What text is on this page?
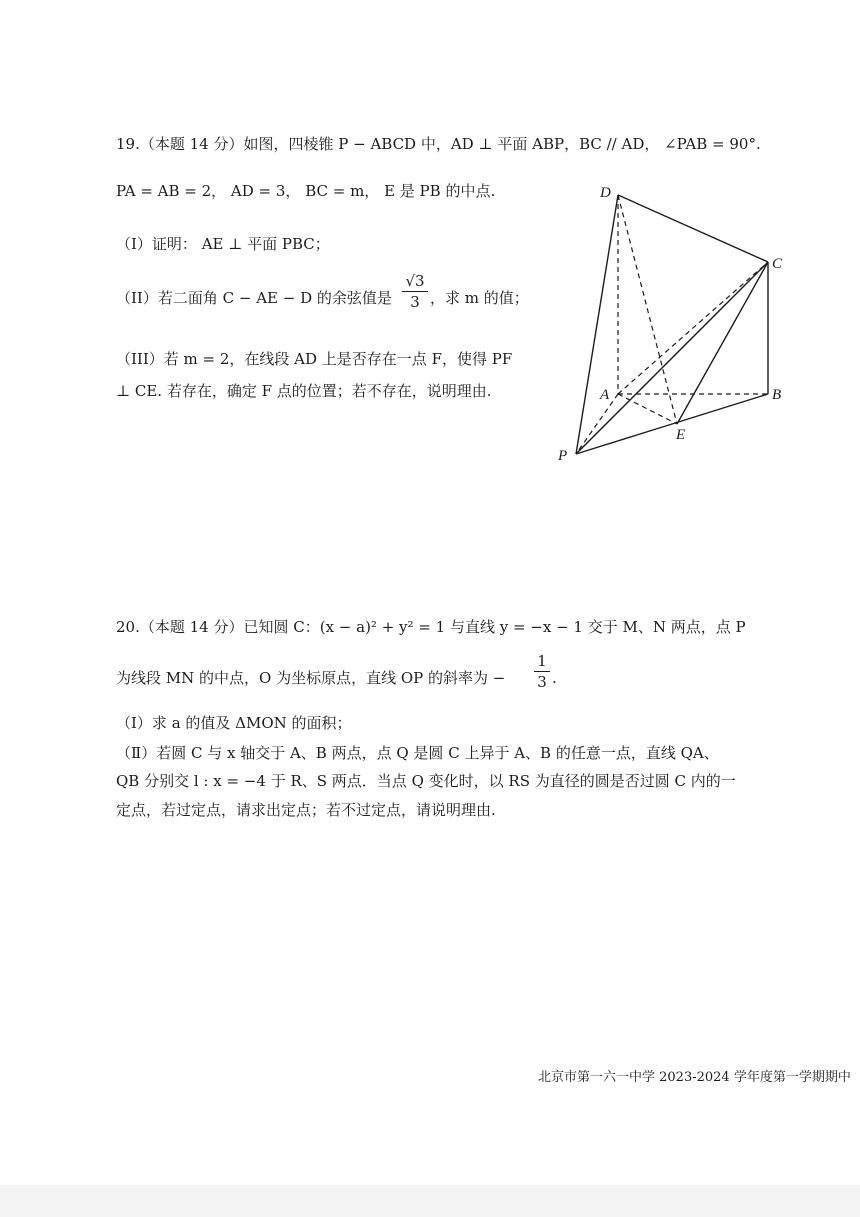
19.（本题 14 分）如图，四棱锥 P − ABCD 中，AD ⊥ 平面 ABP，BC // AD， ∠PAB = 90°.
PA = AB = 2， AD = 3， BC = m， E 是 PB 的中点.
（I）证明： AE ⊥ 平面 PBC；
（II）若二面角 C − AE − D 的余弦值是
√3
3 ，求 m 的值；
（III）若 m = 2，在线段 AD 上是否存在一点 F，使得 PF
⊥ CE. 若存在，确定 F 点的位置；若不存在，说明理由.
D
C
A	B
E
P
20.（本题 14 分）已知圆 C：(x − a)² + y² = 1 与直线 y = −x − 1 交于 M、N 两点，点 P
为线段 MN 的中点，O 为坐标原点，直线 OP 的斜率为 −
1
3 .
（Ⅰ）求 a 的值及 ΔMON 的面积；
（Ⅱ）若圆 C 与 x 轴交于 A、B 两点，点 Q 是圆 C 上异于 A、B 的任意一点，直线 QA、
QB 分别交 l : x = −4 于 R、S 两点．当点 Q 变化时，以 RS 为直径的圆是否过圆 C 内的一
定点，若过定点，请求出定点；若不过定点，请说明理由.
北京市第一六一中学 2023-2024 学年度第一学期期中
